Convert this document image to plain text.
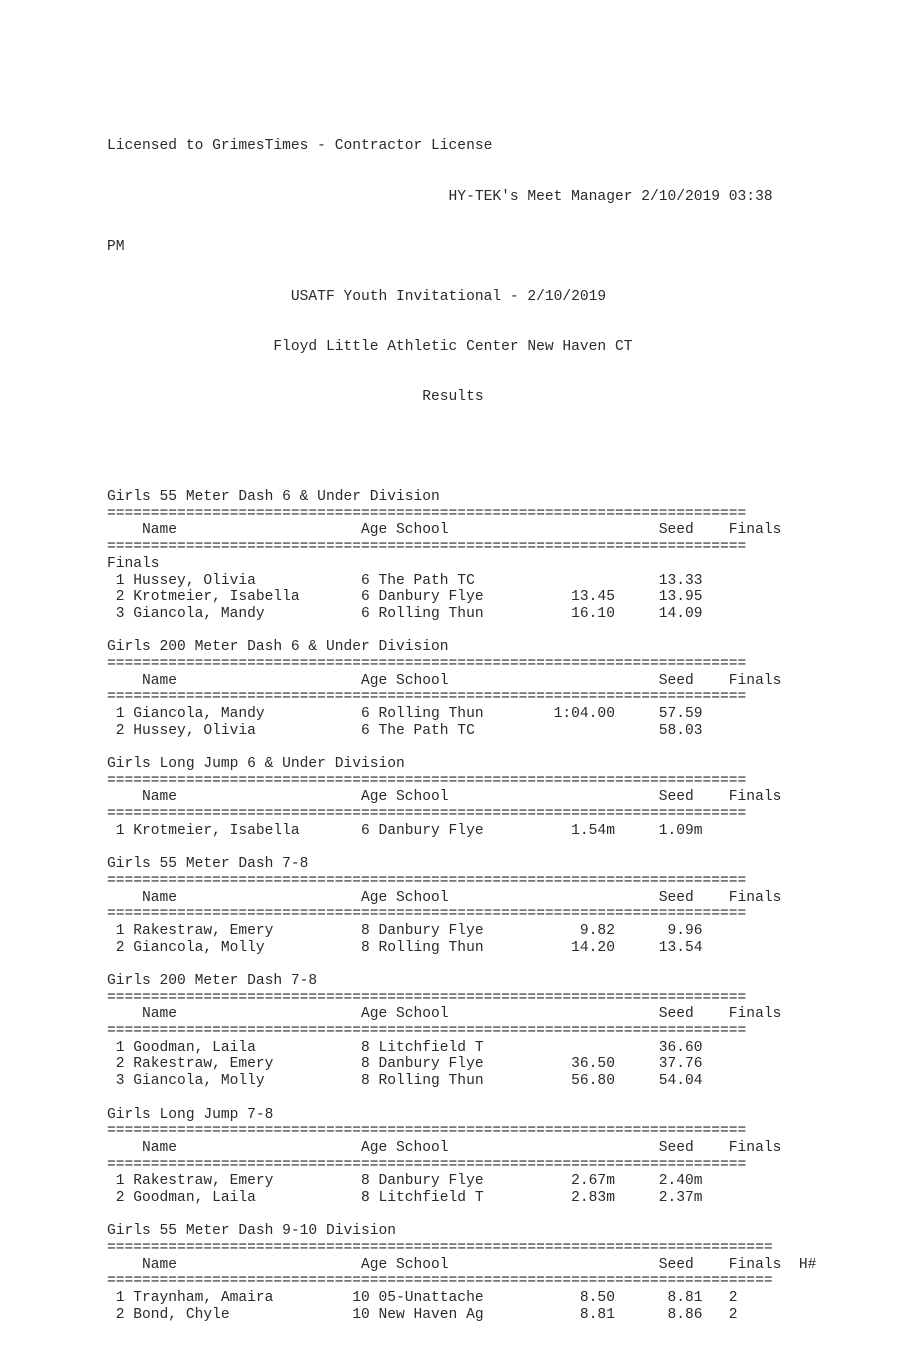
Licensed to GrimesTimes - Contractor License

HY-TEK's Meet Manager 2/10/2019 03:38

PM

USATF Youth Invitational - 2/10/2019

Floyd Little Athletic Center New Haven CT

Results

Girls 55 Meter Dash 6 & Under Division
=========================================================================
Name                     Age School                        Seed    Finals
=========================================================================
Finals
1 Hussey, Olivia            6 The Path TC                     13.33
2 Krotmeier, Isabella       6 Danbury Flye          13.45     13.95
3 Giancola, Mandy           6 Rolling Thun          16.10     14.09
Girls 200 Meter Dash 6 & Under Division
=========================================================================
Name                     Age School                        Seed    Finals
=========================================================================
1 Giancola, Mandy           6 Rolling Thun        1:04.00     57.59
2 Hussey, Olivia            6 The Path TC                     58.03
Girls Long Jump 6 & Under Division
=========================================================================
Name                     Age School                        Seed    Finals
=========================================================================
1 Krotmeier, Isabella       6 Danbury Flye          1.54m     1.09m
Girls 55 Meter Dash 7-8
=========================================================================
Name                     Age School                        Seed    Finals
=========================================================================
1 Rakestraw, Emery          8 Danbury Flye           9.82      9.96
2 Giancola, Molly           8 Rolling Thun          14.20     13.54
Girls 200 Meter Dash 7-8
=========================================================================
Name                     Age School                        Seed    Finals
=========================================================================
1 Goodman, Laila            8 Litchfield T                    36.60
2 Rakestraw, Emery          8 Danbury Flye          36.50     37.76
3 Giancola, Molly           8 Rolling Thun          56.80     54.04
Girls Long Jump 7-8
=========================================================================
Name                     Age School                        Seed    Finals
=========================================================================
1 Rakestraw, Emery          8 Danbury Flye          2.67m     2.40m
2 Goodman, Laila            8 Litchfield T          2.83m     2.37m
Girls 55 Meter Dash 9-10 Division
============================================================================
Name                     Age School                        Seed    Finals  H#
============================================================================
1 Traynham, Amaira         10 05-Unattache           8.50      8.81   2
2 Bond, Chyle              10 New Haven Ag           8.81      8.86   2
